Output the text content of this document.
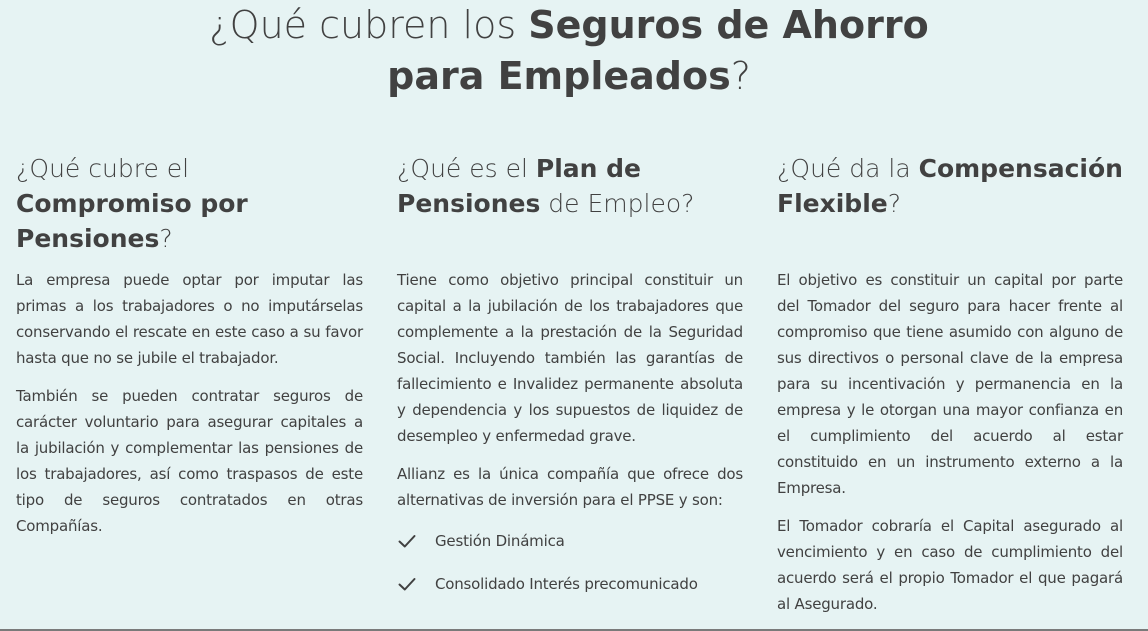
¿Qué cubren los Seguros de Ahorro
para Empleados?
¿Qué cubre el Compromiso por Pensiones?

La empresa puede optar por imputar las primas a los trabajadores o no imputárselas conservando el rescate en este caso a su favor hasta que no se jubile el trabajador.

También se pueden contratar seguros de carácter voluntario para asegurar capitales a la jubilación y complementar las pensiones de los trabajadores, así como traspasos de este tipo de seguros contratados en otras Compañías.

¿Qué es el Plan de Pensiones de Empleo?

Tiene como objetivo principal constituir un capital a la jubilación de los trabajadores que complemente a la prestación de la Seguridad Social. Incluyendo también las garantías de fallecimiento e Invalidez permanente absoluta y dependencia y los supuestos de liquidez de desempleo y enfermedad grave.

Allianz es la única compañía que ofrece dos alternativas de inversión para el PPSE y son:

Gestión Dinámica
Consolidado Interés precomunicado
¿Qué da la Compensación Flexible?

El objetivo es constituir un capital por parte del Tomador del seguro para hacer frente al compromiso que tiene asumido con alguno de sus directivos o personal clave de la empresa para su incentivación y permanencia en la empresa y le otorgan una mayor confianza en el cumplimiento del acuerdo al estar constituido en un instrumento externo a la Empresa.

El Tomador cobraría el Capital asegurado al vencimiento y en caso de cumplimiento del acuerdo será el propio Tomador el que pagará al Asegurado.
